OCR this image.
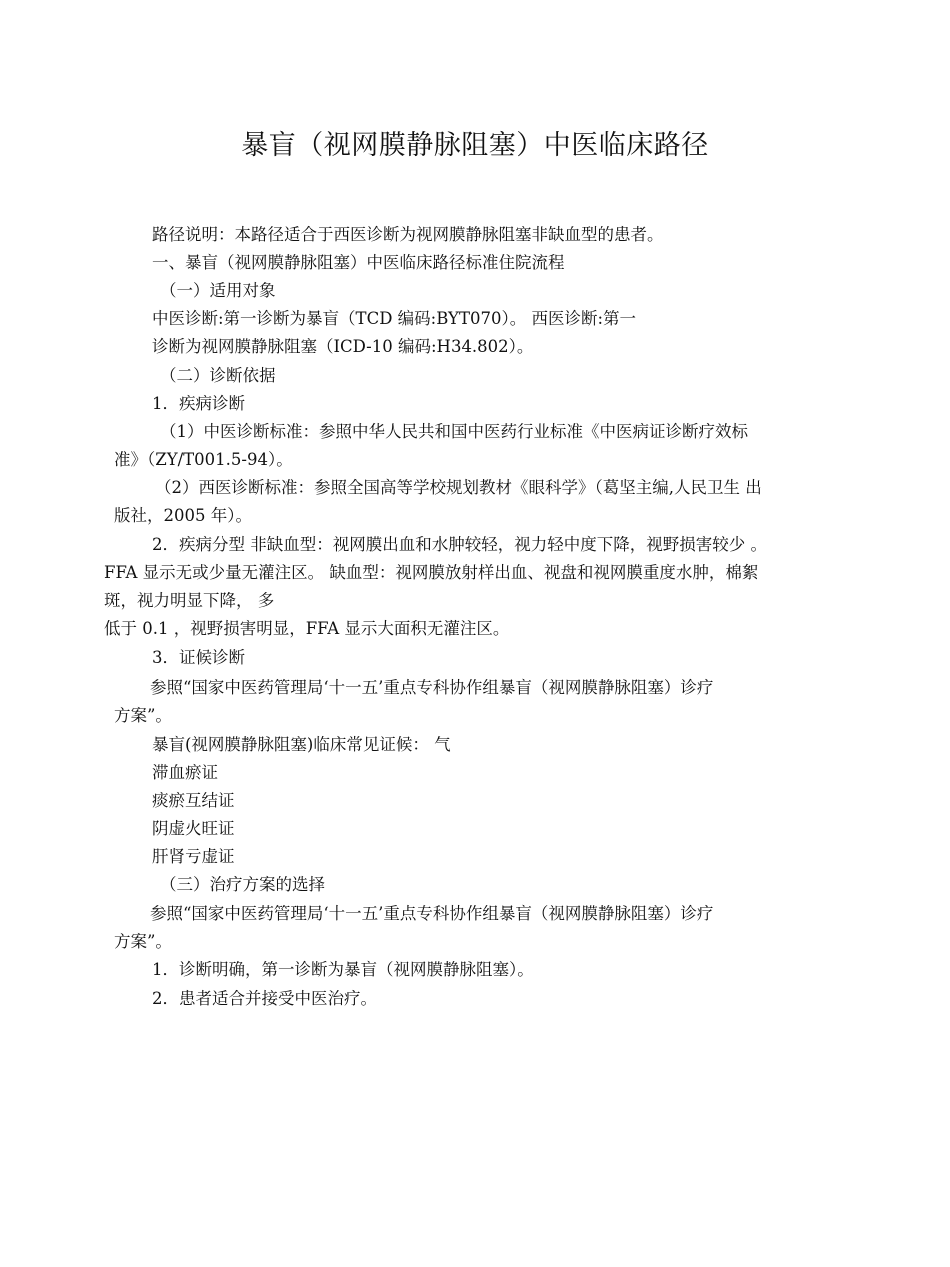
暴盲（视网膜静脉阻塞）中医临床路径
路径说明：本路径适合于西医诊断为视网膜静脉阻塞非缺血型的患者。
一、暴盲（视网膜静脉阻塞）中医临床路径标准住院流程
（一）适用对象
中医诊断:第一诊断为暴盲（TCD 编码:BYT070）。 西医诊断:第一
诊断为视网膜静脉阻塞（ICD-10 编码:H34.802）。
（二）诊断依据
1．疾病诊断
（1）中医诊断标准：参照中华人民共和国中医药行业标准《中医病证诊断疗效标
准》（ZY/T001.5-94）。
（2）西医诊断标准：参照全国高等学校规划教材《眼科学》（葛坚主编,人民卫生 出
版社，2005 年）。
2．疾病分型 非缺血型：视网膜出血和水肿较轻，视力轻中度下降，视野损害较少 。
FFA 显示无或少量无灌注区。 缺血型：视网膜放射样出血、视盘和视网膜重度水肿，棉絮
斑，视力明显下降， 多
低于 0.1 ，视野损害明显，FFA 显示大面积无灌注区。
3．证候诊断
参照“国家中医药管理局‘十一五’重点专科协作组暴盲（视网膜静脉阻塞）诊疗
方案”。
暴盲(视网膜静脉阻塞)临床常见证候： 气
滞血瘀证
痰瘀互结证
阴虚火旺证
肝肾亏虚证
（三）治疗方案的选择
参照“国家中医药管理局‘十一五’重点专科协作组暴盲（视网膜静脉阻塞）诊疗
方案”。
1．诊断明确，第一诊断为暴盲（视网膜静脉阻塞）。
2．患者适合并接受中医治疗。
